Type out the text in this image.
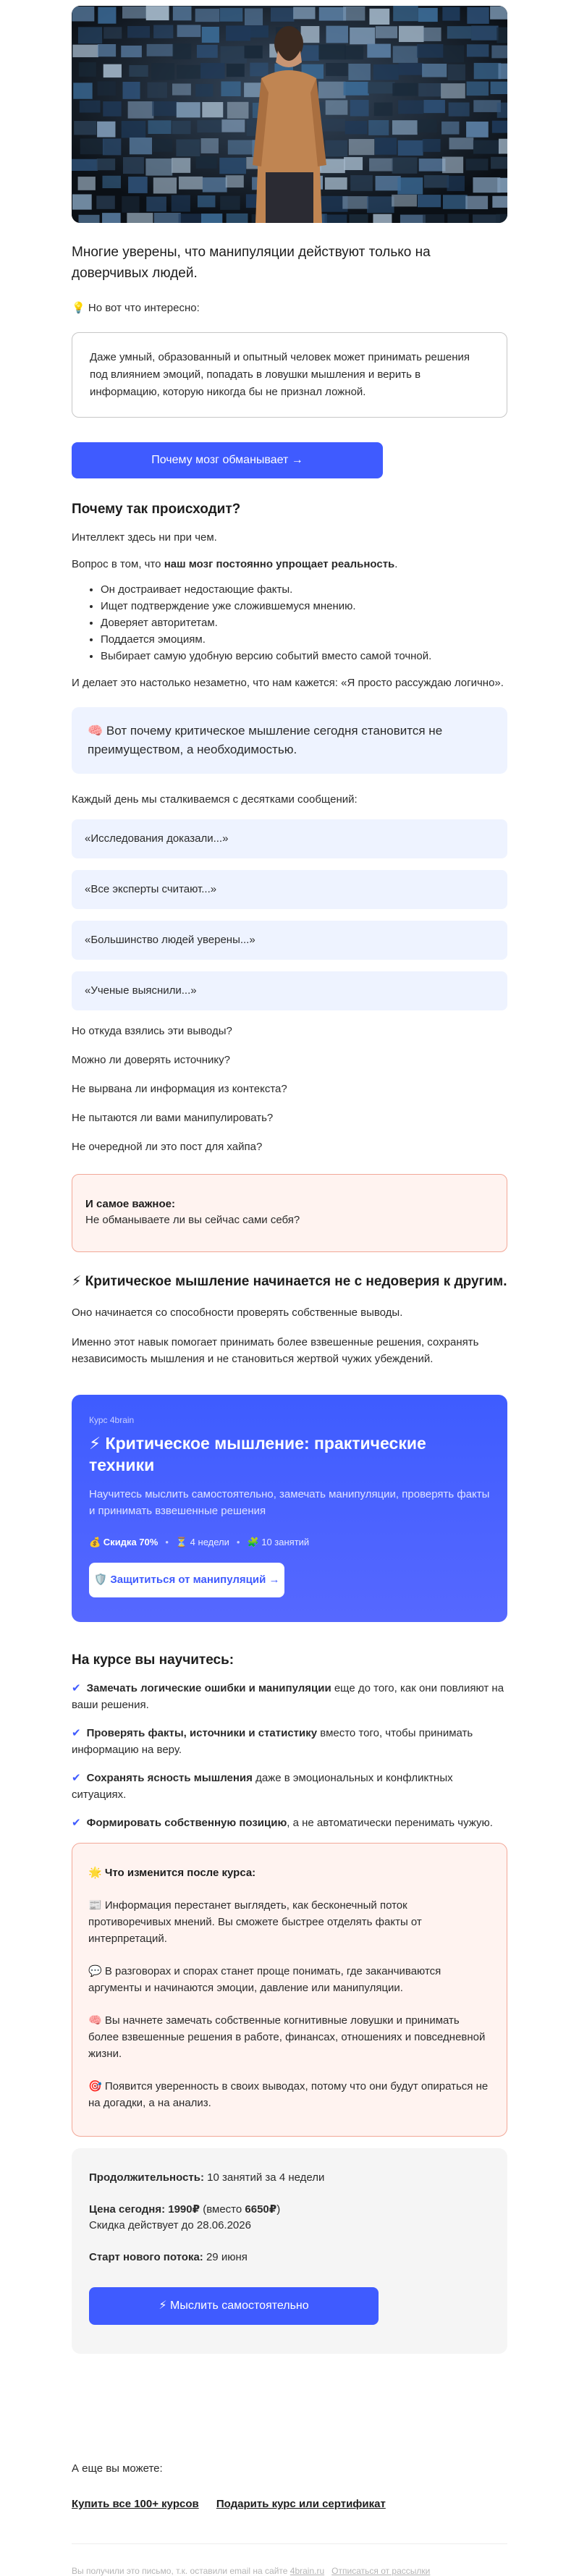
Многие уверены, что манипуляции действуют только на доверчивых людей.
💡 Но вот что интересно:
Даже умный, образованный и опытный человек может принимать решения под влиянием эмоций, попадать в ловушки мышления и верить в информацию, которую никогда бы не признал ложной.
Почему мозг обманывает →
Почему так происходит?
Интеллект здесь ни при чем.
Вопрос в том, что наш мозг постоянно упрощает реальность.
• Он достраивает недостающие факты.
• Ищет подтверждение уже сложившемуся мнению.
• Доверяет авторитетам.
• Поддается эмоциям.
• Выбирает самую удобную версию событий вместо самой точной.
И делает это настолько незаметно, что нам кажется: «Я просто рассуждаю логично».
🧠 Вот почему критическое мышление сегодня становится не преимуществом, а необходимостью.
Каждый день мы сталкиваемся с десятками сообщений:
«Исследования доказали...»
«Все эксперты считают...»
«Большинство людей уверены...»
«Ученые выяснили...»
Но откуда взялись эти выводы?
Можно ли доверять источнику?
Не вырвана ли информация из контекста?
Не пытаются ли вами манипулировать?
Не очередной ли это пост для хайпа?
И самое важное:
Не обманываете ли вы сейчас сами себя?
⚡ Критическое мышление начинается не с недоверия к другим.
Оно начинается со способности проверять собственные выводы.
Именно этот навык помогает принимать более взвешенные решения, сохранять независимость мышления и не становиться жертвой чужих убеждений.
Курс 4brain
⚡ Критическое мышление: практические техники
Научитесь мыслить самостоятельно, замечать манипуляции, проверять факты и принимать взвешенные решения
💰 Скидка 70% • ⏳ 4 недели • 🧩 10 занятий
🛡️ Защититься от манипуляций →
На курсе вы научитесь:
✔ Замечать логические ошибки и манипуляции еще до того, как они повлияют на ваши решения.
✔ Проверять факты, источники и статистику вместо того, чтобы принимать информацию на веру.
✔ Сохранять ясность мышления даже в эмоциональных и конфликтных ситуациях.
✔ Формировать собственную позицию, а не автоматически перенимать чужую.
🌟 Что изменится после курса:
📰 Информация перестанет выглядеть, как бесконечный поток противоречивых мнений. Вы сможете быстрее отделять факты от интерпретаций.
💬 В разговорах и спорах станет проще понимать, где заканчиваются аргументы и начинаются эмоции, давление или манипуляции.
🧠 Вы начнете замечать собственные когнитивные ловушки и принимать более взвешенные решения в работе, финансах, отношениях и повседневной жизни.
🎯 Появится уверенность в своих выводах, потому что они будут опираться не на догадки, а на анализ.
Продолжительность: 10 занятий за 4 недели
Цена сегодня: 1990₽ (вместо 6650₽)
Скидка действует до 28.06.2026
Старт нового потока: 29 июня
⚡ Мыслить самостоятельно
А еще вы можете:
Купить все 100+ курсов Подарить курс или сертификат
Вы получили это письмо, т.к. оставили email на сайте 4brain.ru Отписаться от рассылки
